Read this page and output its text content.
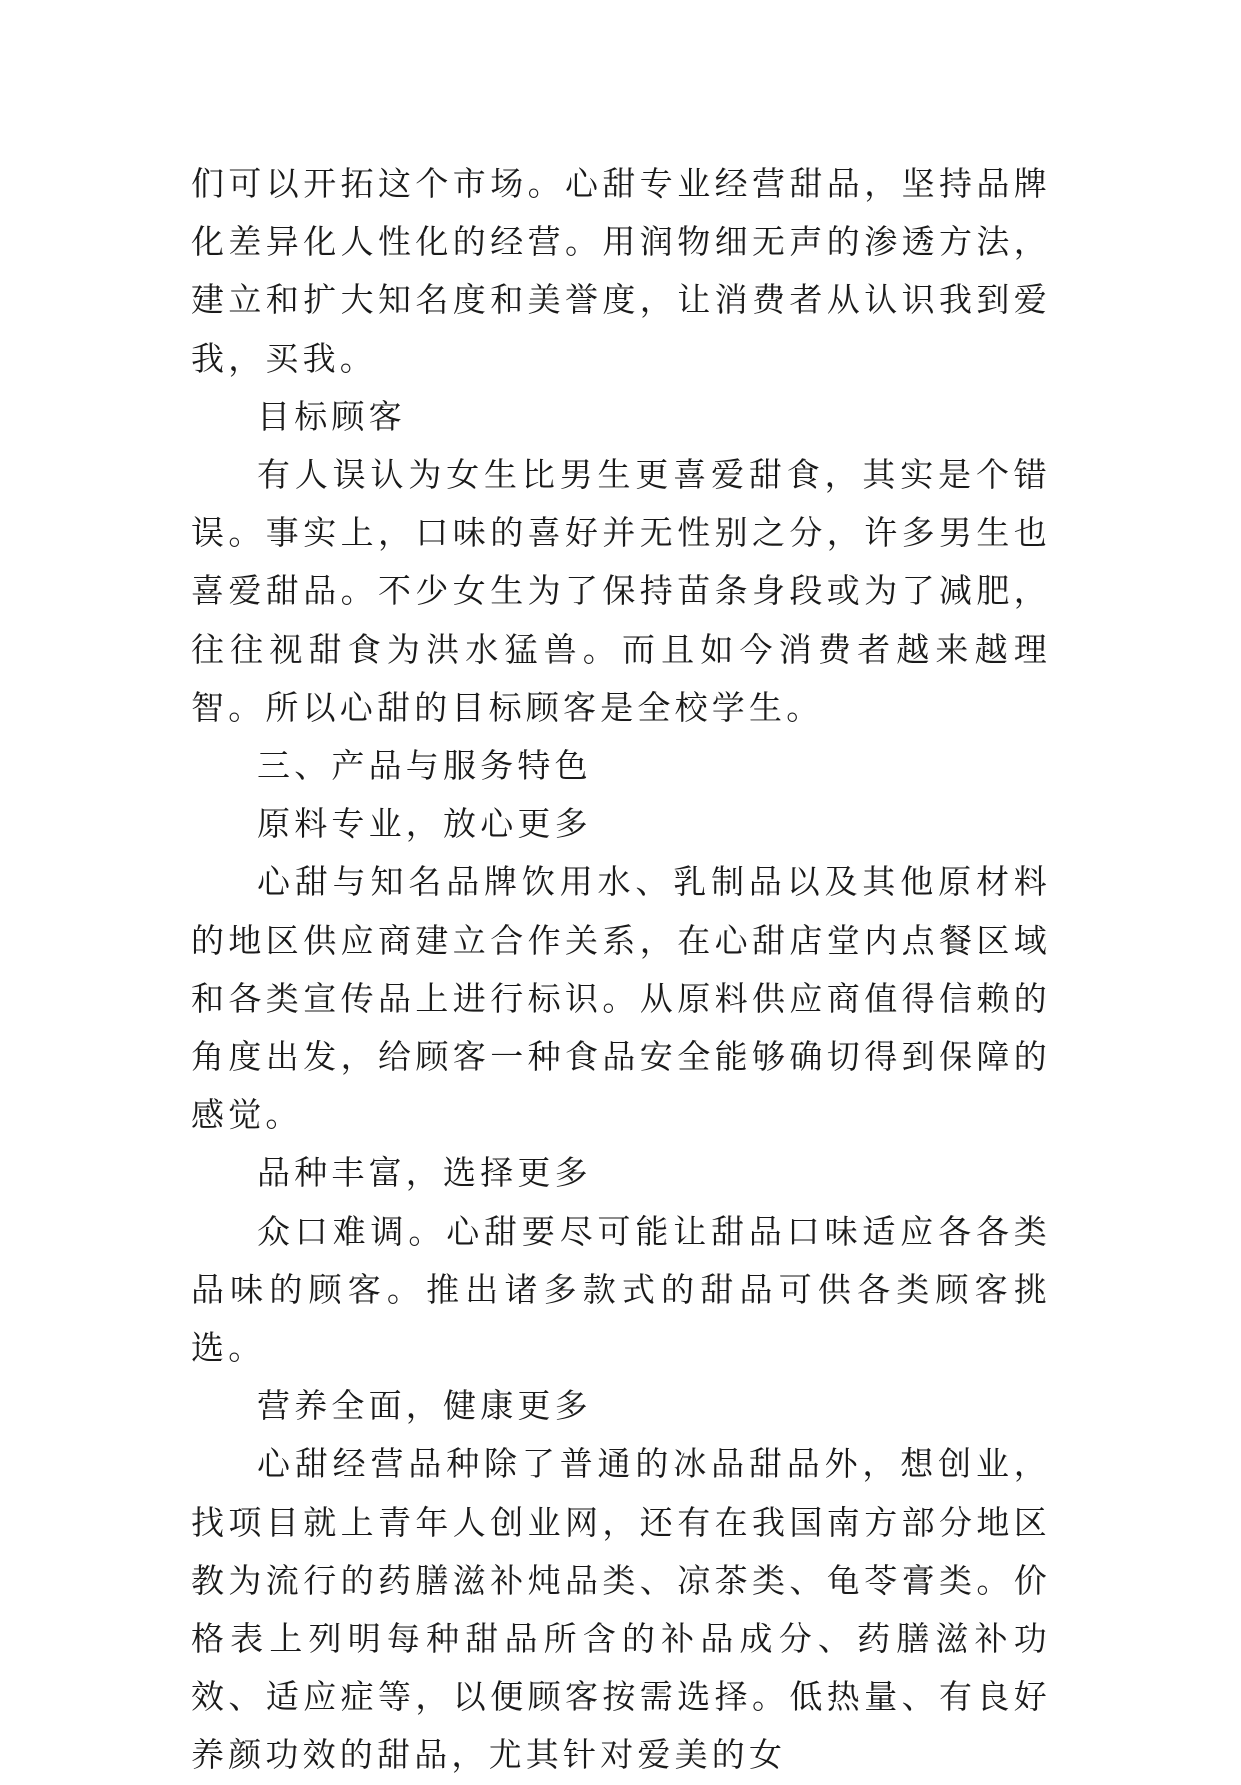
们可以开拓这个市场。心甜专业经营甜品，坚持品牌化差异化人性化的经营。用润物细无声的渗透方法，建立和扩大知名度和美誉度，让消费者从认识我到爱我，买我。

目标顾客

有人误认为女生比男生更喜爱甜食，其实是个错误。事实上，口味的喜好并无性别之分，许多男生也喜爱甜品。不少女生为了保持苗条身段或为了减肥，往往视甜食为洪水猛兽。而且如今消费者越来越理智。所以心甜的目标顾客是全校学生。

三、产品与服务特色

原料专业，放心更多

心甜与知名品牌饮用水、乳制品以及其他原材料的地区供应商建立合作关系，在心甜店堂内点餐区域和各类宣传品上进行标识。从原料供应商值得信赖的角度出发，给顾客一种食品安全能够确切得到保障的感觉。

品种丰富，选择更多

众口难调。心甜要尽可能让甜品口味适应各各类品味的顾客。推出诸多款式的甜品可供各类顾客挑选。

营养全面，健康更多

心甜经营品种除了普通的冰品甜品外，想创业，找项目就上青年人创业网，还有在我国南方部分地区教为流行的药膳滋补炖品类、凉茶类、龟苓膏类。价格表上列明每种甜品所含的补品成分、药膳滋补功效、适应症等，以便顾客按需选择。低热量、有良好养颜功效的甜品，尤其针对爱美的女
